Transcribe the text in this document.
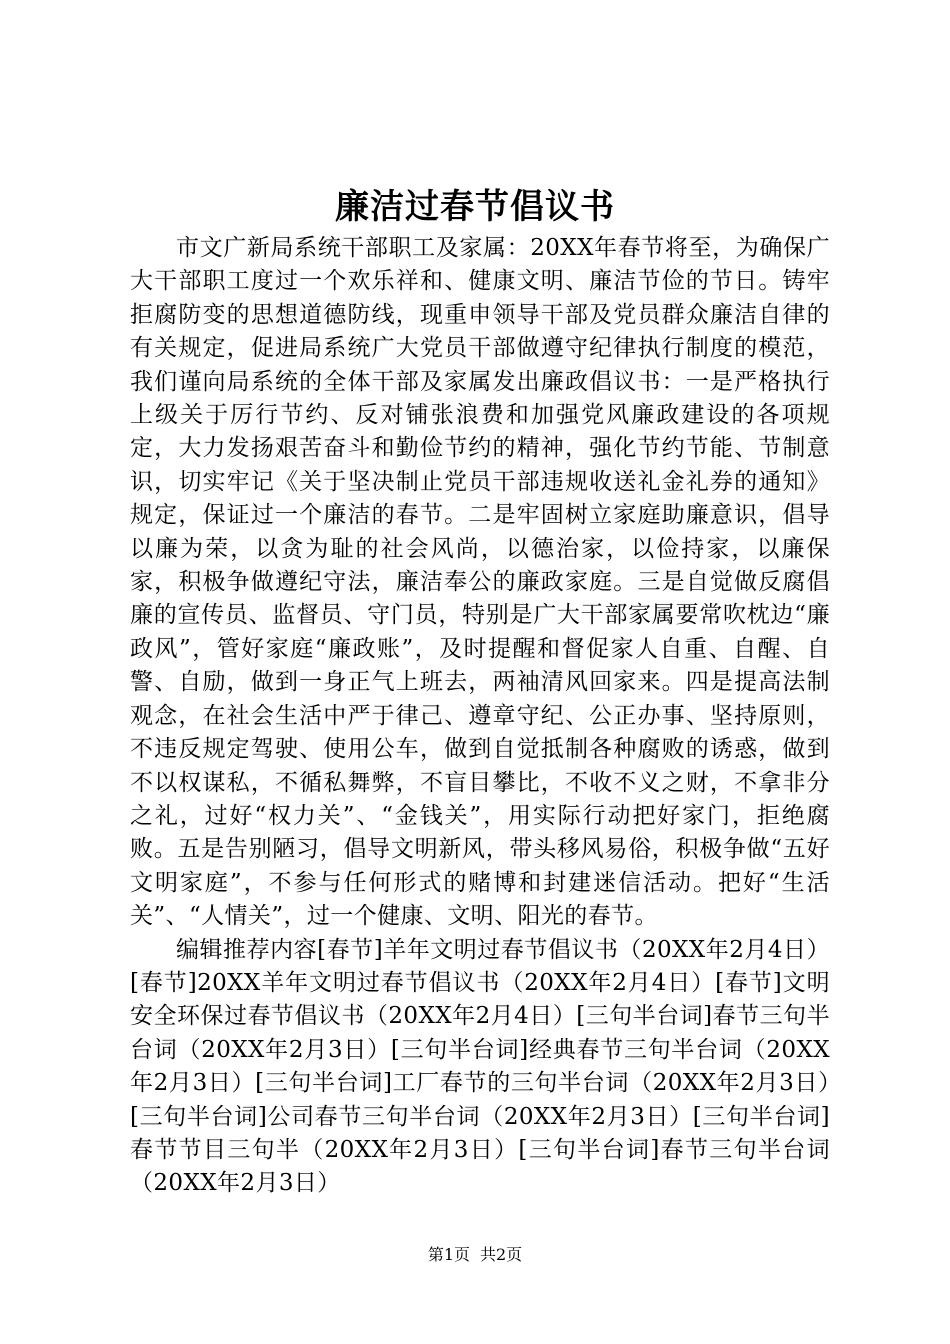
廉洁过春节倡议书

市文广新局系统干部职工及家属：20XX年春节将至，为确保广大干部职工度过一个欢乐祥和、健康文明、廉洁节俭的节日。铸牢拒腐防变的思想道德防线，现重申领导干部及党员群众廉洁自律的有关规定，促进局系统广大党员干部做遵守纪律执行制度的模范，我们谨向局系统的全体干部及家属发出廉政倡议书：一是严格执行上级关于厉行节约、反对铺张浪费和加强党风廉政建设的各项规定，大力发扬艰苦奋斗和勤俭节约的精神，强化节约节能、节制意识，切实牢记《关于坚决制止党员干部违规收送礼金礼券的通知》规定，保证过一个廉洁的春节。二是牢固树立家庭助廉意识，倡导以廉为荣，以贪为耻的社会风尚，以德治家，以俭持家，以廉保家，积极争做遵纪守法，廉洁奉公的廉政家庭。三是自觉做反腐倡廉的宣传员、监督员、守门员，特别是广大干部家属要常吹枕边“廉政风”，管好家庭“廉政账”，及时提醒和督促家人自重、自醒、自警、自励，做到一身正气上班去，两袖清风回家来。四是提高法制观念，在社会生活中严于律己、遵章守纪、公正办事、坚持原则，不违反规定驾驶、使用公车，做到自觉抵制各种腐败的诱惑，做到不以权谋私，不循私舞弊，不盲目攀比，不收不义之财，不拿非分之礼，过好“权力关”、“金钱关”，用实际行动把好家门，拒绝腐败。五是告别陋习，倡导文明新风，带头移风易俗，积极争做“五好文明家庭”，不参与任何形式的赌博和封建迷信活动。把好“生活关”、“人情关”，过一个健康、文明、阳光的春节。

编辑推荐内容[春节]羊年文明过春节倡议书（20XX年2月4日）[春节]20XX羊年文明过春节倡议书（20XX年2月4日）[春节]文明安全环保过春节倡议书（20XX年2月4日）[三句半台词]春节三句半台词（20XX年2月3日）[三句半台词]经典春节三句半台词（20XX年2月3日）[三句半台词]工厂春节的三句半台词（20XX年2月3日）[三句半台词]公司春节三句半台词（20XX年2月3日）[三句半台词]春节节目三句半（20XX年2月3日）[三句半台词]春节三句半台词（20XX年2月3日）

第1页 共2页
